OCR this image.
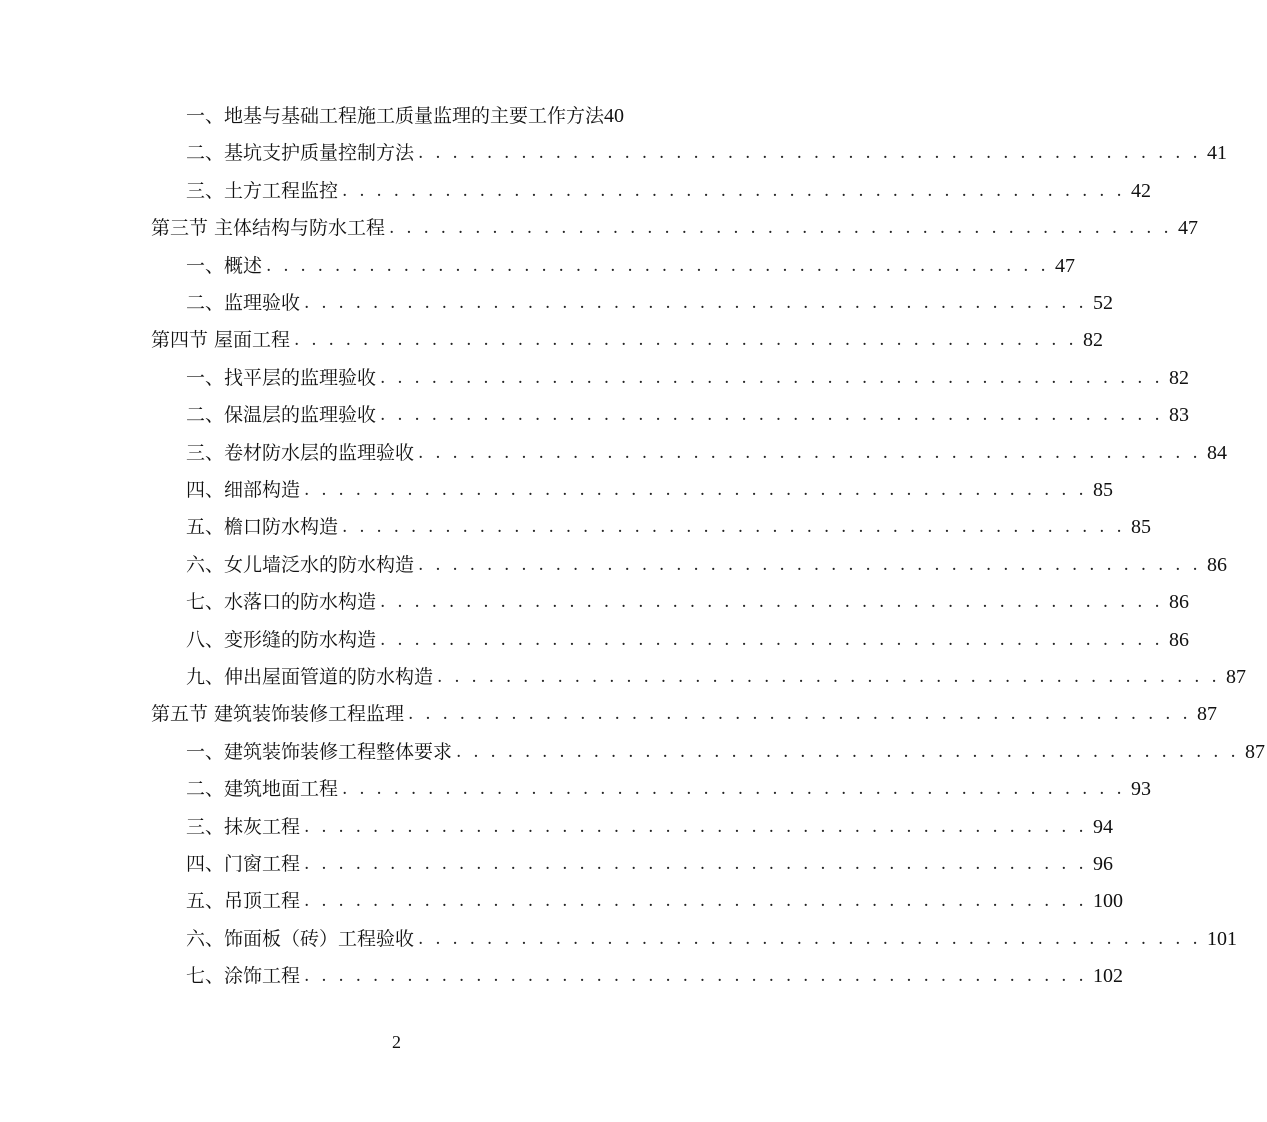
一、地基与基础工程施工质量监理的主要工作方法 40
二、基坑支护质量控制方法 . . . . . . . . . . . . . . . . . . . . . . . . . . . . . . . . . . . . . . . . . . . . . . 41
三、土方工程监控 . . . . . . . . . . . . . . . . . . . . . . . . . . . . . . . . . . . . . . . . . . . . . . 42
第三节 主体结构与防水工程 . . . . . . . . . . . . . . . . . . . . . . . . . . . . . . . . . . . . . . . . . . . . . . 47
一、概述 . . . . . . . . . . . . . . . . . . . . . . . . . . . . . . . . . . . . . . . . . . . . . . 47
二、监理验收 . . . . . . . . . . . . . . . . . . . . . . . . . . . . . . . . . . . . . . . . . . . . . . 52
第四节 屋面工程 . . . . . . . . . . . . . . . . . . . . . . . . . . . . . . . . . . . . . . . . . . . . . . 82
一、找平层的监理验收 . . . . . . . . . . . . . . . . . . . . . . . . . . . . . . . . . . . . . . . . . . . . . . 82
二、保温层的监理验收 . . . . . . . . . . . . . . . . . . . . . . . . . . . . . . . . . . . . . . . . . . . . . . 83
三、卷材防水层的监理验收 . . . . . . . . . . . . . . . . . . . . . . . . . . . . . . . . . . . . . . . . . . . . . . 84
四、细部构造 . . . . . . . . . . . . . . . . . . . . . . . . . . . . . . . . . . . . . . . . . . . . . . 85
五、檐口防水构造 . . . . . . . . . . . . . . . . . . . . . . . . . . . . . . . . . . . . . . . . . . . . . . 85
六、女儿墙泛水的防水构造 . . . . . . . . . . . . . . . . . . . . . . . . . . . . . . . . . . . . . . . . . . . . . . 86
七、水落口的防水构造 . . . . . . . . . . . . . . . . . . . . . . . . . . . . . . . . . . . . . . . . . . . . . . 86
八、变形缝的防水构造 . . . . . . . . . . . . . . . . . . . . . . . . . . . . . . . . . . . . . . . . . . . . . . 86
九、伸出屋面管道的防水构造 . . . . . . . . . . . . . . . . . . . . . . . . . . . . . . . . . . . . . . . . . . . . . . 87
第五节 建筑装饰装修工程监理 . . . . . . . . . . . . . . . . . . . . . . . . . . . . . . . . . . . . . . . . . . . . . . 87
一、建筑装饰装修工程整体要求 . . . . . . . . . . . . . . . . . . . . . . . . . . . . . . . . . . . . . . . . . . . . . . 87
二、建筑地面工程 . . . . . . . . . . . . . . . . . . . . . . . . . . . . . . . . . . . . . . . . . . . . . . 93
三、抹灰工程 . . . . . . . . . . . . . . . . . . . . . . . . . . . . . . . . . . . . . . . . . . . . . . 94
四、门窗工程 . . . . . . . . . . . . . . . . . . . . . . . . . . . . . . . . . . . . . . . . . . . . . . 96
五、吊顶工程 . . . . . . . . . . . . . . . . . . . . . . . . . . . . . . . . . . . . . . . . . . . . . . 100
六、饰面板（砖）工程验收 . . . . . . . . . . . . . . . . . . . . . . . . . . . . . . . . . . . . . . . . . . . . . . 101
七、涂饰工程 . . . . . . . . . . . . . . . . . . . . . . . . . . . . . . . . . . . . . . . . . . . . . . 102
2
